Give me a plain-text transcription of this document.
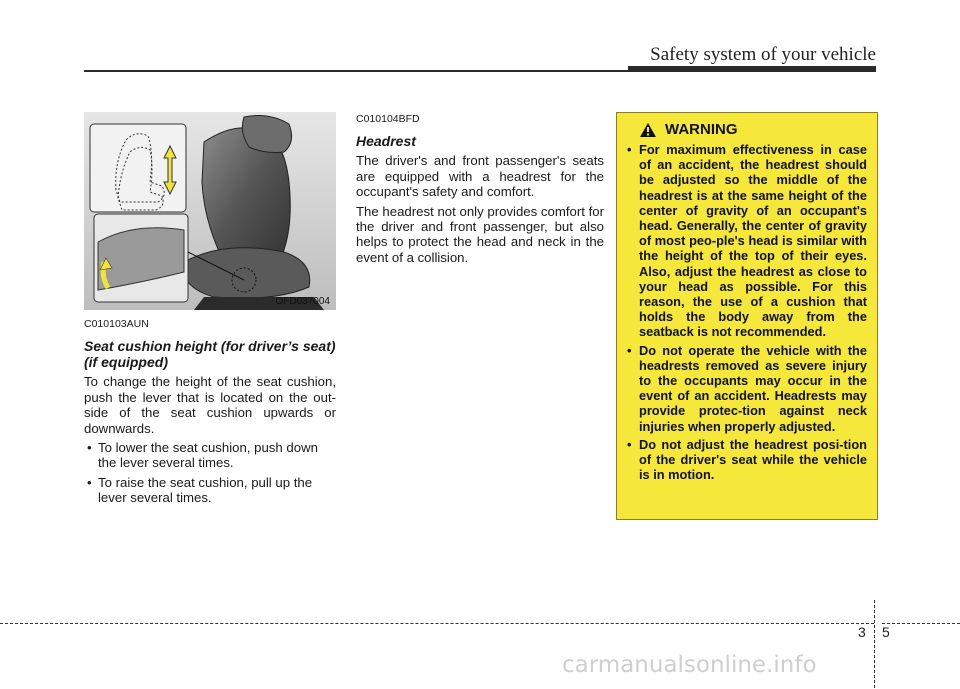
Safety system of your vehicle
OFD037004
C010103AUN
Seat cushion height (for driver’s seat)
(if equipped)

To change the height of the seat cushion, push the lever that is located on the out-side of the seat cushion upwards or downwards.

• To lower the seat cushion, push down the lever several times.
• To raise the seat cushion, pull up the lever several times.
C010104BFD
Headrest

The driver's and front passenger's seats are equipped with a headrest for the occupant's safety and comfort.

The headrest not only provides comfort for the driver and front passenger, but also helps to protect the head and neck in the event of a collision.

WARNING
• For maximum effectiveness in case of an accident, the headrest should be adjusted so the middle of the headrest is at the same height of the center of gravity of an occupant's head. Generally, the center of gravity of most peo-ple's head is similar with the height of the top of their eyes. Also, adjust the headrest as close to your head as possible. For this reason, the use of a cushion that holds the body away from the seatback is not recommended.
• Do not operate the vehicle with the headrests removed as severe injury to the occupants may occur in the event of an accident. Headrests may provide protec-tion against neck injuries when properly adjusted.
• Do not adjust the headrest posi-tion of the driver's seat while the vehicle is in motion.
3 5
carmanualsonline.info
